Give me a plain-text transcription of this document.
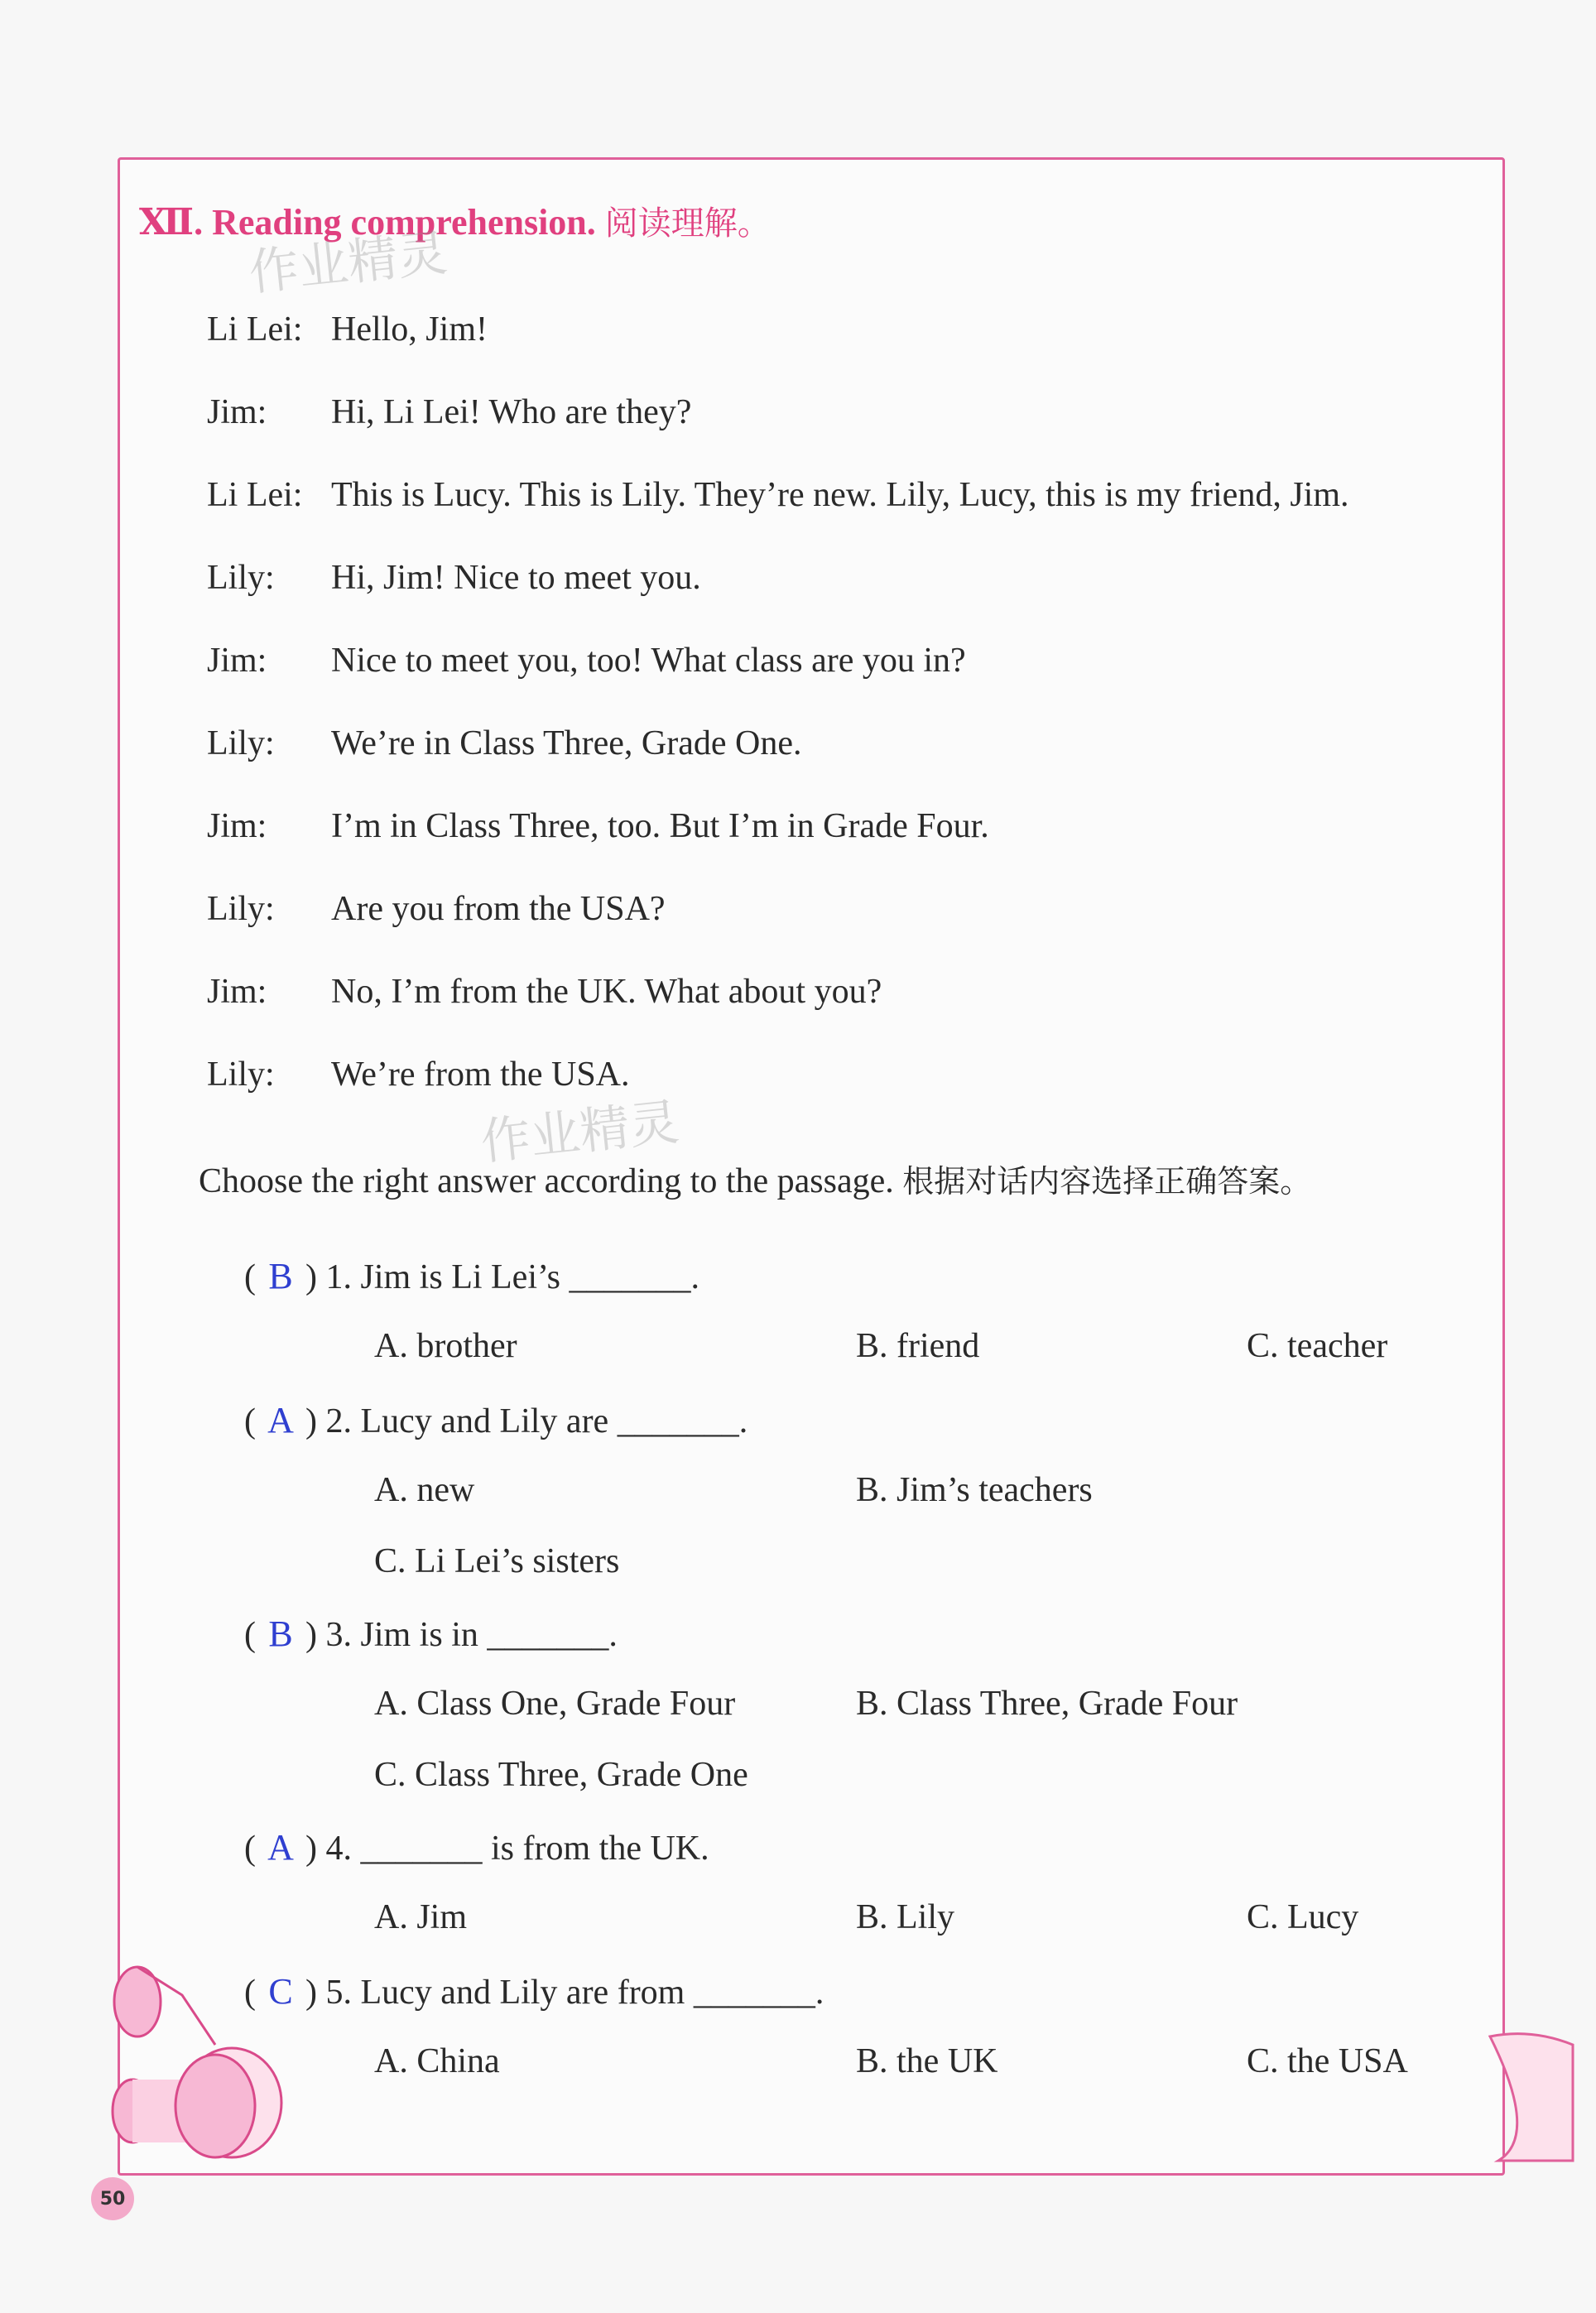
Ⅻ. Reading comprehension. 阅读理解。
作业精灵
作业精灵
Li Lei: Hello, Jim!
Jim: Hi, Li Lei! Who are they?
Li Lei: This is Lucy. This is Lily. They’re new. Lily, Lucy, this is my friend, Jim.
Lily: Hi, Jim! Nice to meet you.
Jim: Nice to meet you, too! What class are you in?
Lily: We’re in Class Three, Grade One.
Jim: I’m in Class Three, too. But I’m in Grade Four.
Lily: Are you from the USA?
Jim: No, I’m from the UK. What about you?
Lily: We’re from the USA.
Choose the right answer according to the passage. 根据对话内容选择正确答案。
( B ) 1. Jim is Li Lei’s _______.
A. brother	B. friend	C. teacher
( A ) 2. Lucy and Lily are _______.
A. new	B. Jim’s teachers
C. Li Lei’s sisters
( B ) 3. Jim is in _______.
A. Class One, Grade Four	B. Class Three, Grade Four
C. Class Three, Grade One
( A ) 4. _______ is from the UK.
A. Jim	B. Lily	C. Lucy
( C ) 5. Lucy and Lily are from _______.
A. China	B. the UK	C. the USA
50
